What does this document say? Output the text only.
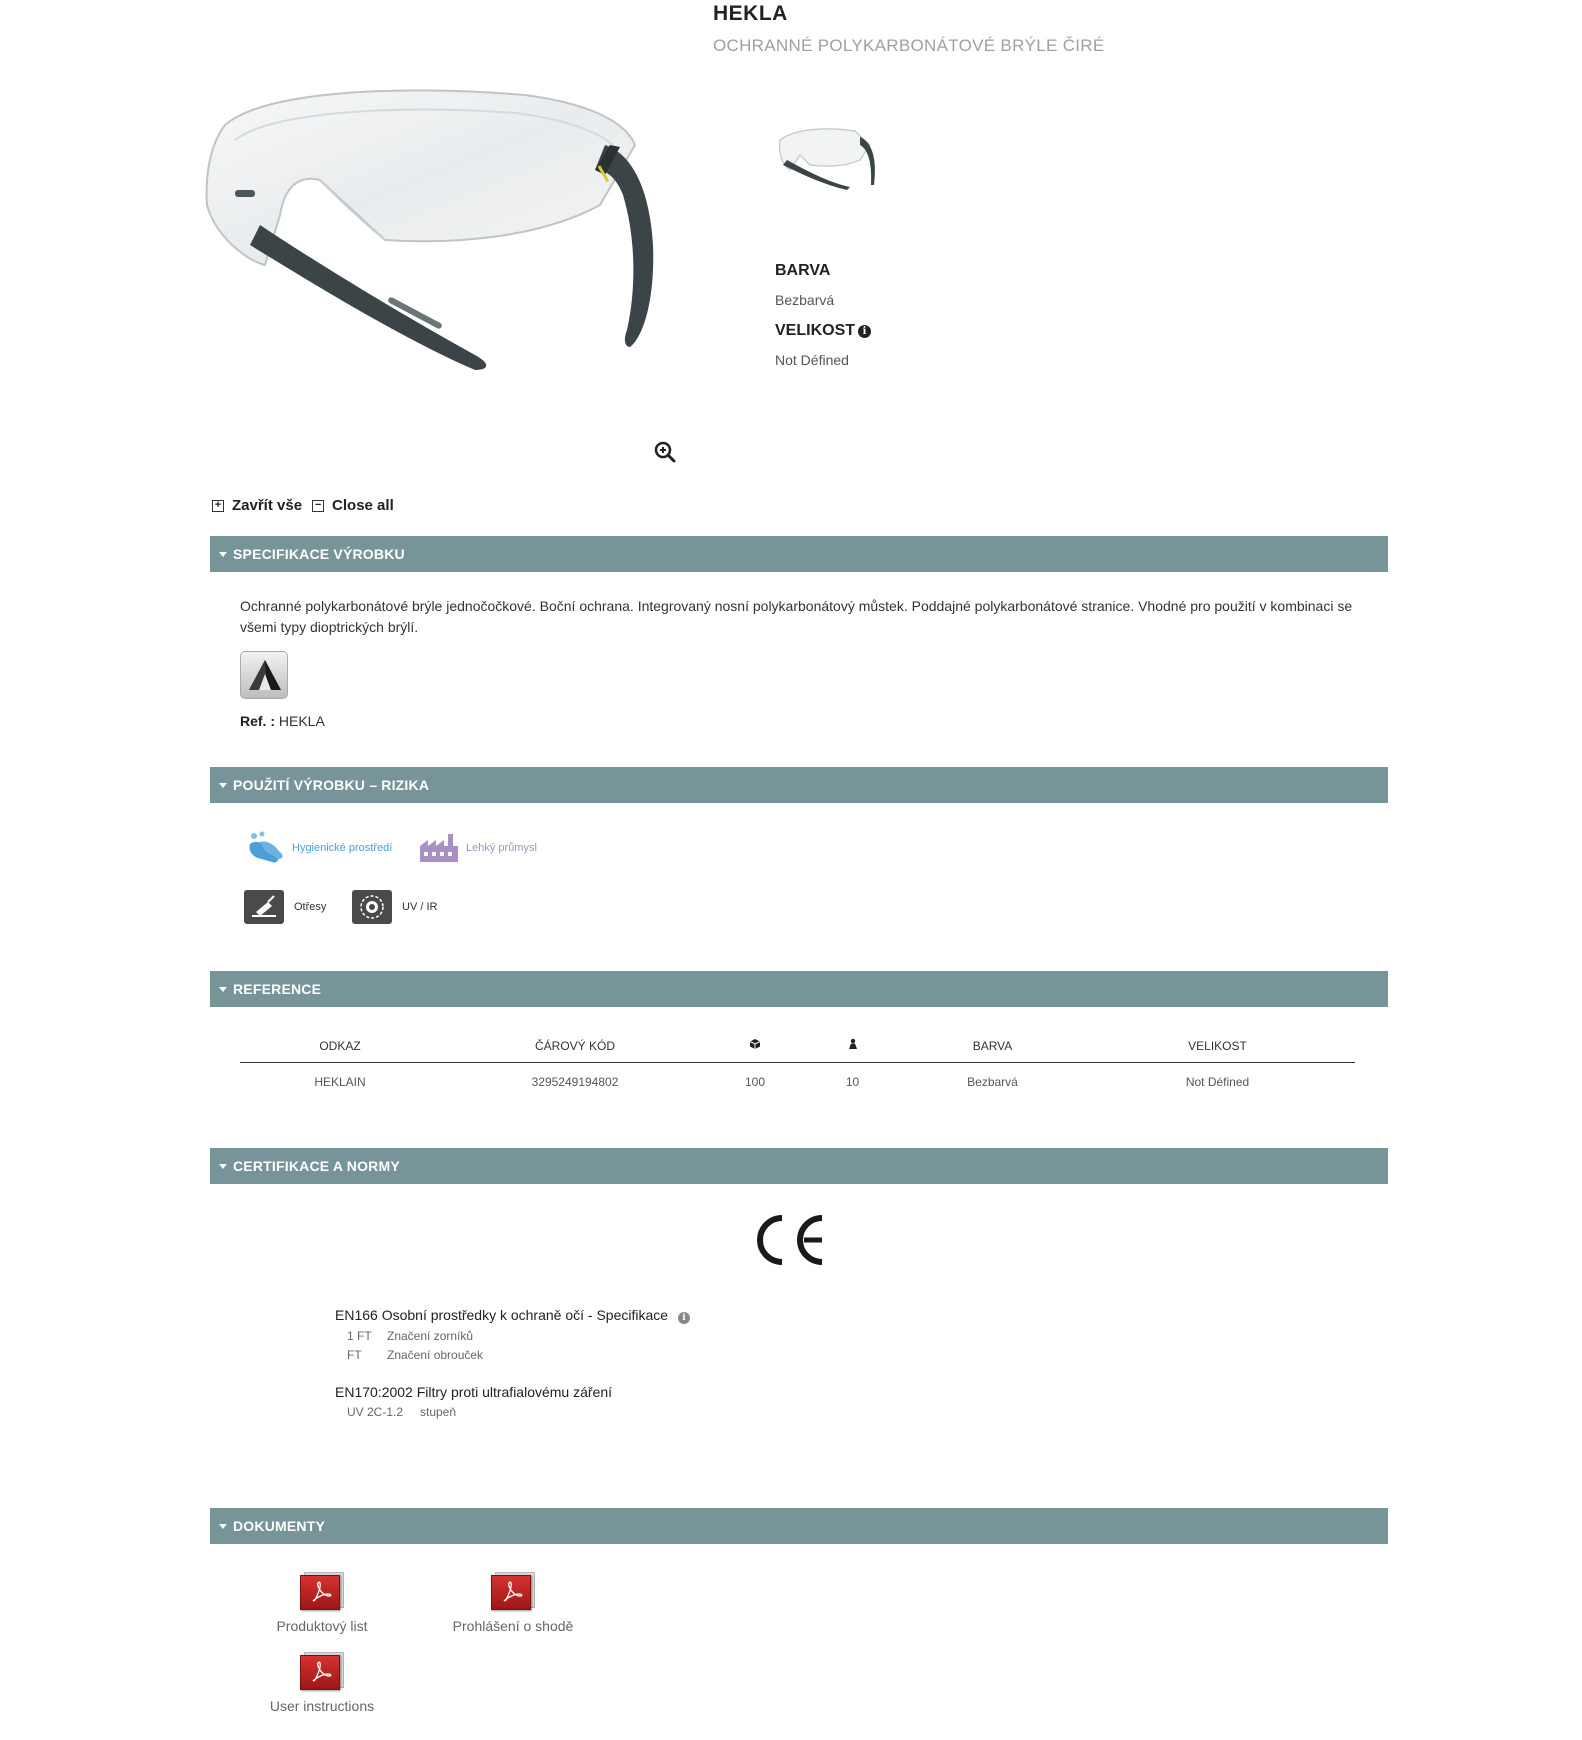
HEKLA
OCHRANNÉ POLYKARBONÁTOVÉ BRÝLE ČIRÉ
BARVA
Bezbarvá
VELIKOST i
Not Défined
+ Zavřít vše − Close all
SPECIFIKACE VÝROBKU
Ochranné polykarbonátové brýle jednočočkové. Boční ochrana. Integrovaný nosní polykarbonátový můstek. Poddajné polykarbonátové stranice. Vhodné pro použití v kombinaci se všemi typy dioptrických brýlí.
Ref. : HEKLA
POUŽITÍ VÝROBKU – RIZIKA
Hygienické prostředí	Lehký průmysl
Otřesy	UV / IR
REFERENCE
ODKAZ	ČÁROVÝ KÓD			BARVA	VELIKOST
HEKLAIN	3295249194802	100	10	Bezbarvá	Not Défined
CERTIFIKACE A NORMY
EN166 Osobní prostředky k ochraně očí - Specifikace i
1 FT	Značení zorníků
FT	Značení obrouček
EN170:2002 Filtry proti ultrafialovému záření
UV 2C-1.2	stupeň
DOKUMENTY
Produktový list	Prohlášení o shodě
User instructions
